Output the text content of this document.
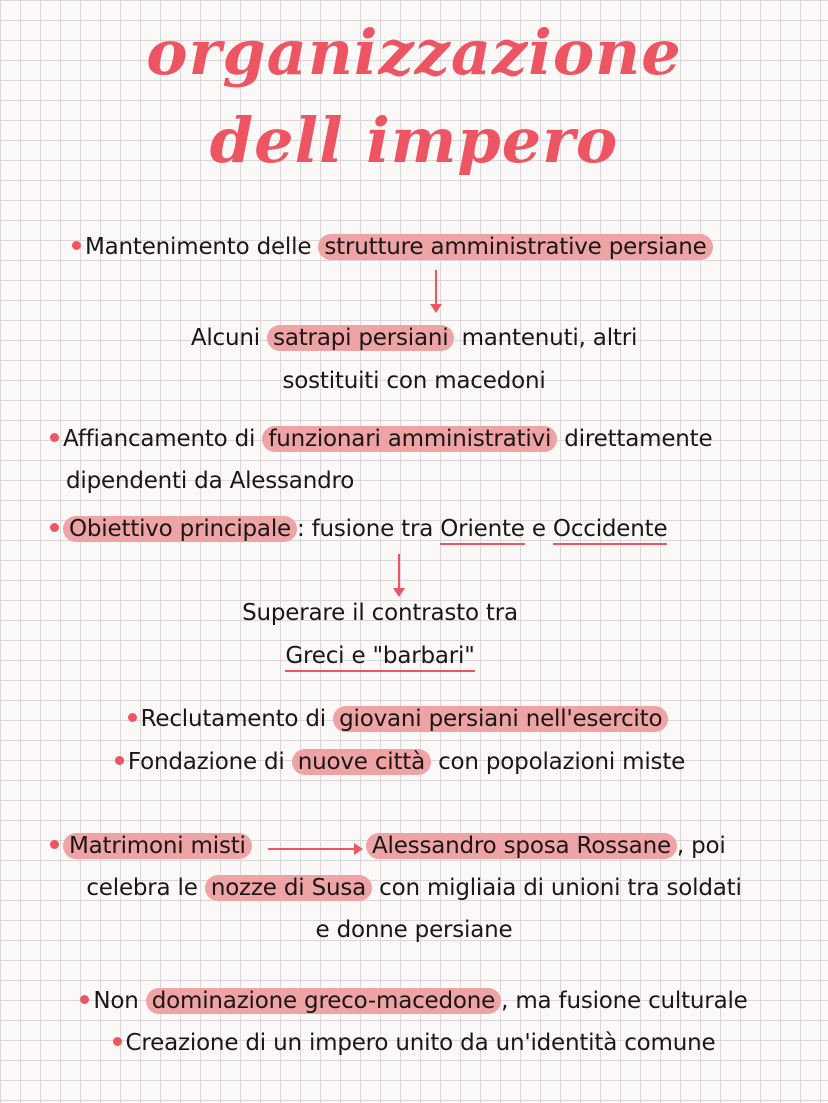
organizzazione
dell impero
Mantenimento delle strutture amministrative persiane
Alcuni satrapi persiani mantenuti, altri
sostituiti con macedoni
Affiancamento di funzionari amministrativi direttamente
dipendenti da Alessandro
Obiettivo principale : fusione tra Oriente e Occidente
Superare il contrasto tra
Greci e "barbari"
Reclutamento di giovani persiani nell'esercito
Fondazione di nuove città con popolazioni miste
Matrimoni misti	Alessandro sposa Rossane , poi
celebra le nozze di Susa con migliaia di unioni tra soldati
e donne persiane
Non dominazione greco-macedone , ma fusione culturale
Creazione di un impero unito da un'identità comune
